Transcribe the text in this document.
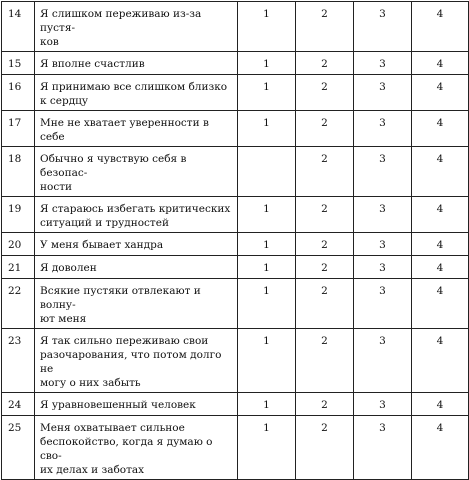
14	Я слишком переживаю из-за пустя-
ков	1	2	3	4
15	Я вполне счастлив	1	2	3	4
16	Я принимаю все слишком близко
к сердцу	1	2	3	4
17	Мне не хватает уверенности в себе	1	2	3	4
18	Обычно я чувствую себя в безопас-
ности		2	3	4
19	Я стараюсь избегать критических
ситуаций и трудностей	1	2	3	4
20	У меня бывает хандра	1	2	3	4
21	Я доволен	1	2	3	4
22	Всякие пустяки отвлекают и волну-
ют меня	1	2	3	4
23	Я так сильно переживаю свои
разочарования, что потом долго не
могу о них забыть	1	2	3	4
24	Я уравновешенный человек	1	2	3	4
25	Меня охватывает сильное
беспокойство, когда я думаю о сво-
их делах и заботах	1	2	3	4
